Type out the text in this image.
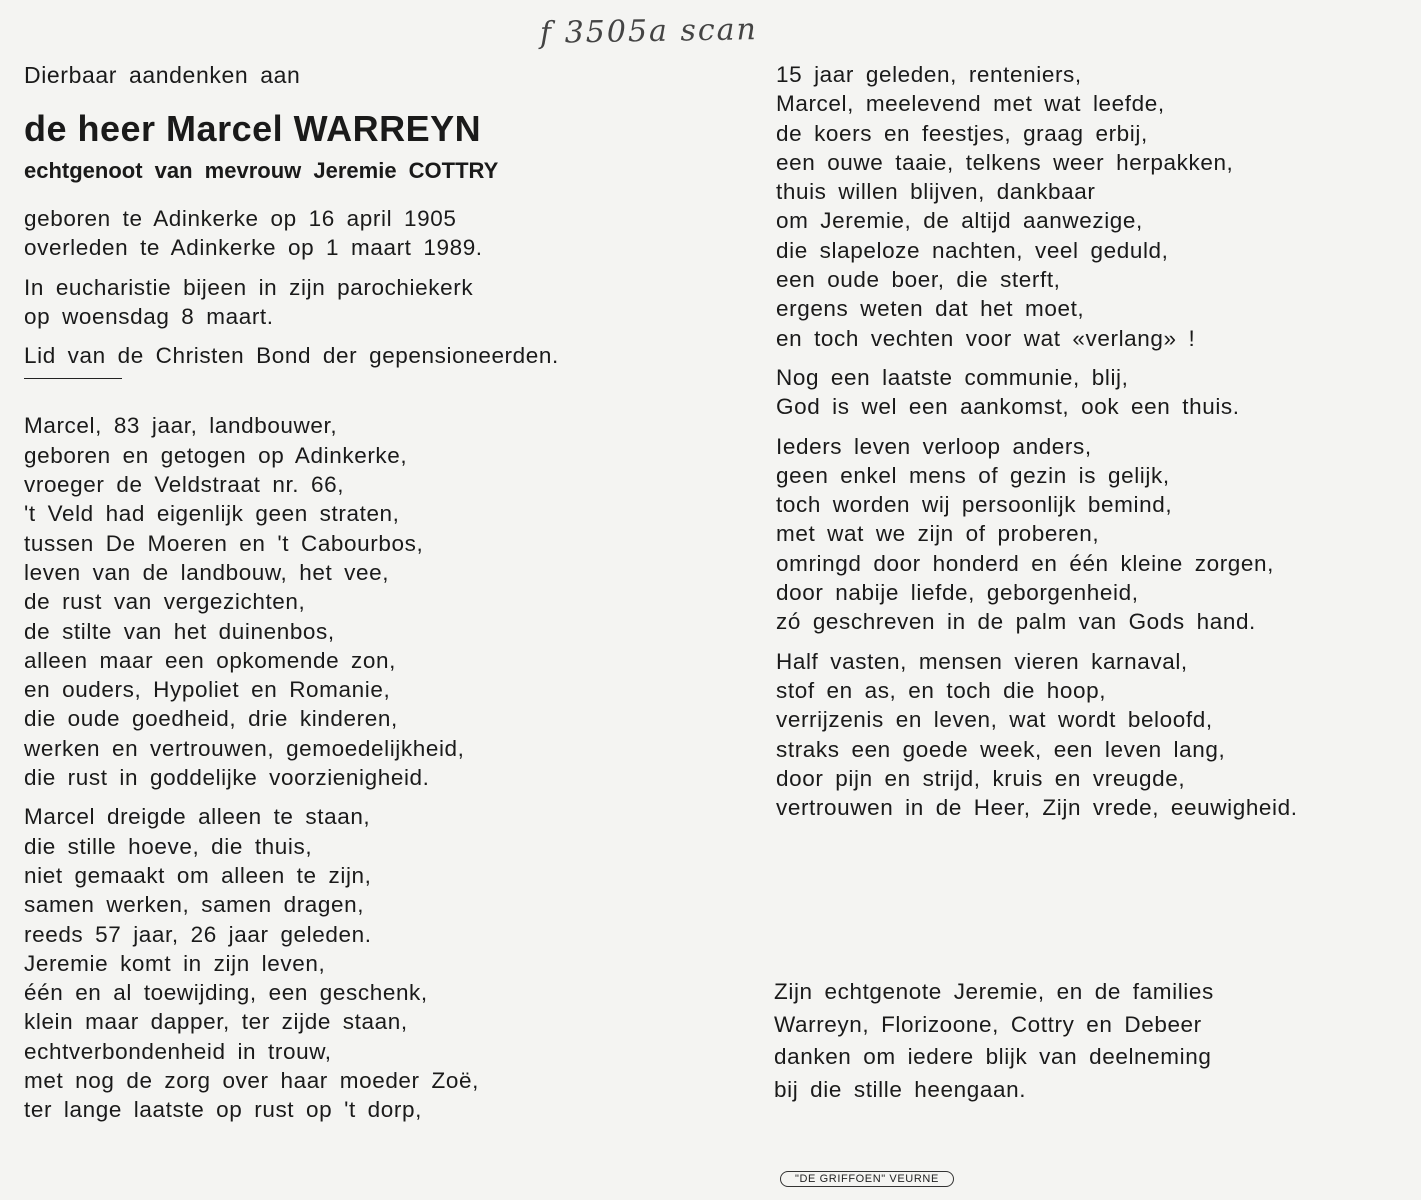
f 3505a scan

Dierbaar aandenken aan

de heer Marcel WARREYN
echtgenoot van mevrouw Jeremie COTTRY
geboren te Adinkerke op 16 april 1905
overleden te Adinkerke op 1 maart 1989.
In eucharistie bijeen in zijn parochiekerk
op woensdag 8 maart.
Lid van de Christen Bond der gepensioneerden.
Marcel, 83 jaar, landbouwer,
geboren en getogen op Adinkerke,
vroeger de Veldstraat nr. 66,
't Veld had eigenlijk geen straten,
tussen De Moeren en 't Cabourbos,
leven van de landbouw, het vee,
de rust van vergezichten,
de stilte van het duinenbos,
alleen maar een opkomende zon,
en ouders, Hypoliet en Romanie,
die oude goedheid, drie kinderen,
werken en vertrouwen, gemoedelijkheid,
die rust in goddelijke voorzienigheid.
Marcel dreigde alleen te staan,
die stille hoeve, die thuis,
niet gemaakt om alleen te zijn,
samen werken, samen dragen,
reeds 57 jaar, 26 jaar geleden.
Jeremie komt in zijn leven,
één en al toewijding, een geschenk,
klein maar dapper, ter zijde staan,
echtverbondenheid in trouw,
met nog de zorg over haar moeder Zoë,
ter lange laatste op rust op 't dorp,
15 jaar geleden, renteniers,
Marcel, meelevend met wat leefde,
de koers en feestjes, graag erbij,
een ouwe taaie, telkens weer herpakken,
thuis willen blijven, dankbaar
om Jeremie, de altijd aanwezige,
die slapeloze nachten, veel geduld,
een oude boer, die sterft,
ergens weten dat het moet,
en toch vechten voor wat «verlang» !
Nog een laatste communie, blij,
God is wel een aankomst, ook een thuis.
Ieders leven verloop anders,
geen enkel mens of gezin is gelijk,
toch worden wij persoonlijk bemind,
met wat we zijn of proberen,
omringd door honderd en één kleine zorgen,
door nabije liefde, geborgenheid,
zó geschreven in de palm van Gods hand.
Half vasten, mensen vieren karnaval,
stof en as, en toch die hoop,
verrijzenis en leven, wat wordt beloofd,
straks een goede week, een leven lang,
door pijn en strijd, kruis en vreugde,
vertrouwen in de Heer, Zijn vrede, eeuwigheid.
Zijn echtgenote Jeremie, en de families
Warreyn, Florizoone, Cottry en Debeer
danken om iedere blijk van deelneming
bij die stille heengaan.
"DE GRIFFOEN" VEURNE
